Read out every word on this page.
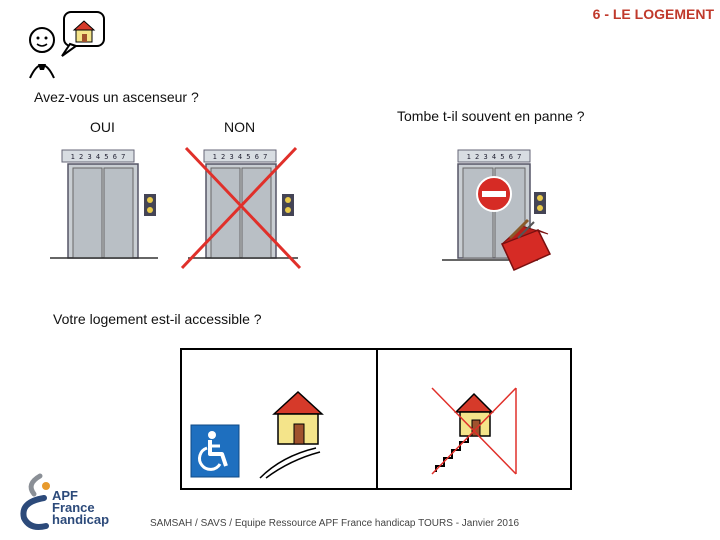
6 - LE LOGEMENT
Avez-vous un ascenseur ?
OUI	NON
1 2 3 4 5 6 7	1 2 3 4 5 6 7
Tombe t-il souvent en panne ?
1 2 3 4 5 6 7
Votre logement est-il accessible ?
APF
France
handicap	SAMSAH / SAVS / Equipe Ressource APF France handicap TOURS - Janvier 2016
